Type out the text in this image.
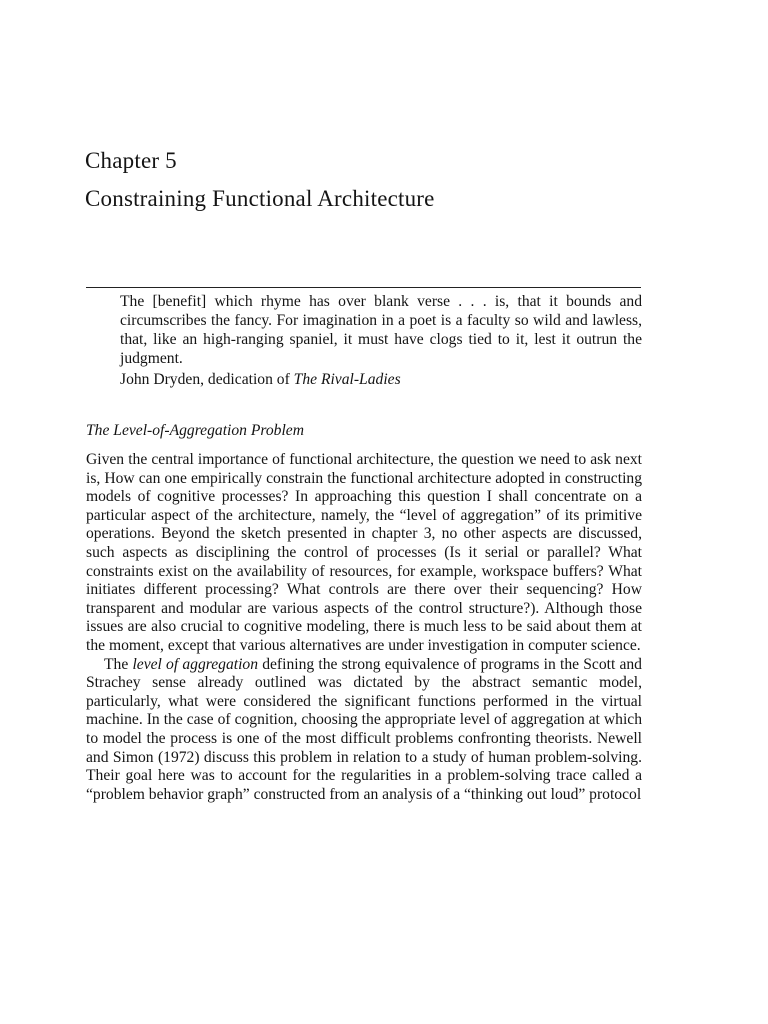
Chapter 5
Constraining Functional Architecture

The [benefit] which rhyme has over blank verse . . . is, that it bounds and circumscribes the fancy. For imagination in a poet is a faculty so wild and lawless, that, like an high-ranging spaniel, it must have clogs tied to it, lest it outrun the judgment.

John Dryden, dedication of The Rival-Ladies

The Level-of-Aggregation Problem

Given the central importance of functional architecture, the question we need to ask next is, How can one empirically constrain the functional architecture adopted in constructing models of cognitive processes? In approaching this question I shall concentrate on a particular aspect of the architecture, namely, the “level of aggregation” of its primitive operations. Beyond the sketch presented in chapter 3, no other aspects are discussed, such aspects as disciplining the control of processes (Is it serial or parallel? What constraints exist on the availability of resources, for example, workspace buffers? What initiates different processing? What controls are there over their sequencing? How transparent and modular are various aspects of the control structure?). Although those issues are also crucial to cognitive modeling, there is much less to be said about them at the moment, except that various alternatives are under investigation in computer science.

The level of aggregation defining the strong equivalence of programs in the Scott and Strachey sense already outlined was dictated by the abstract semantic model, particularly, what were considered the significant functions performed in the virtual machine. In the case of cognition, choosing the appropriate level of aggregation at which to model the process is one of the most difficult problems confronting theorists. Newell and Simon (1972) discuss this problem in relation to a study of human problem-solving. Their goal here was to account for the regularities in a problem-solving trace called a “problem behavior graph” constructed from an analysis of a “thinking out loud” protocol
